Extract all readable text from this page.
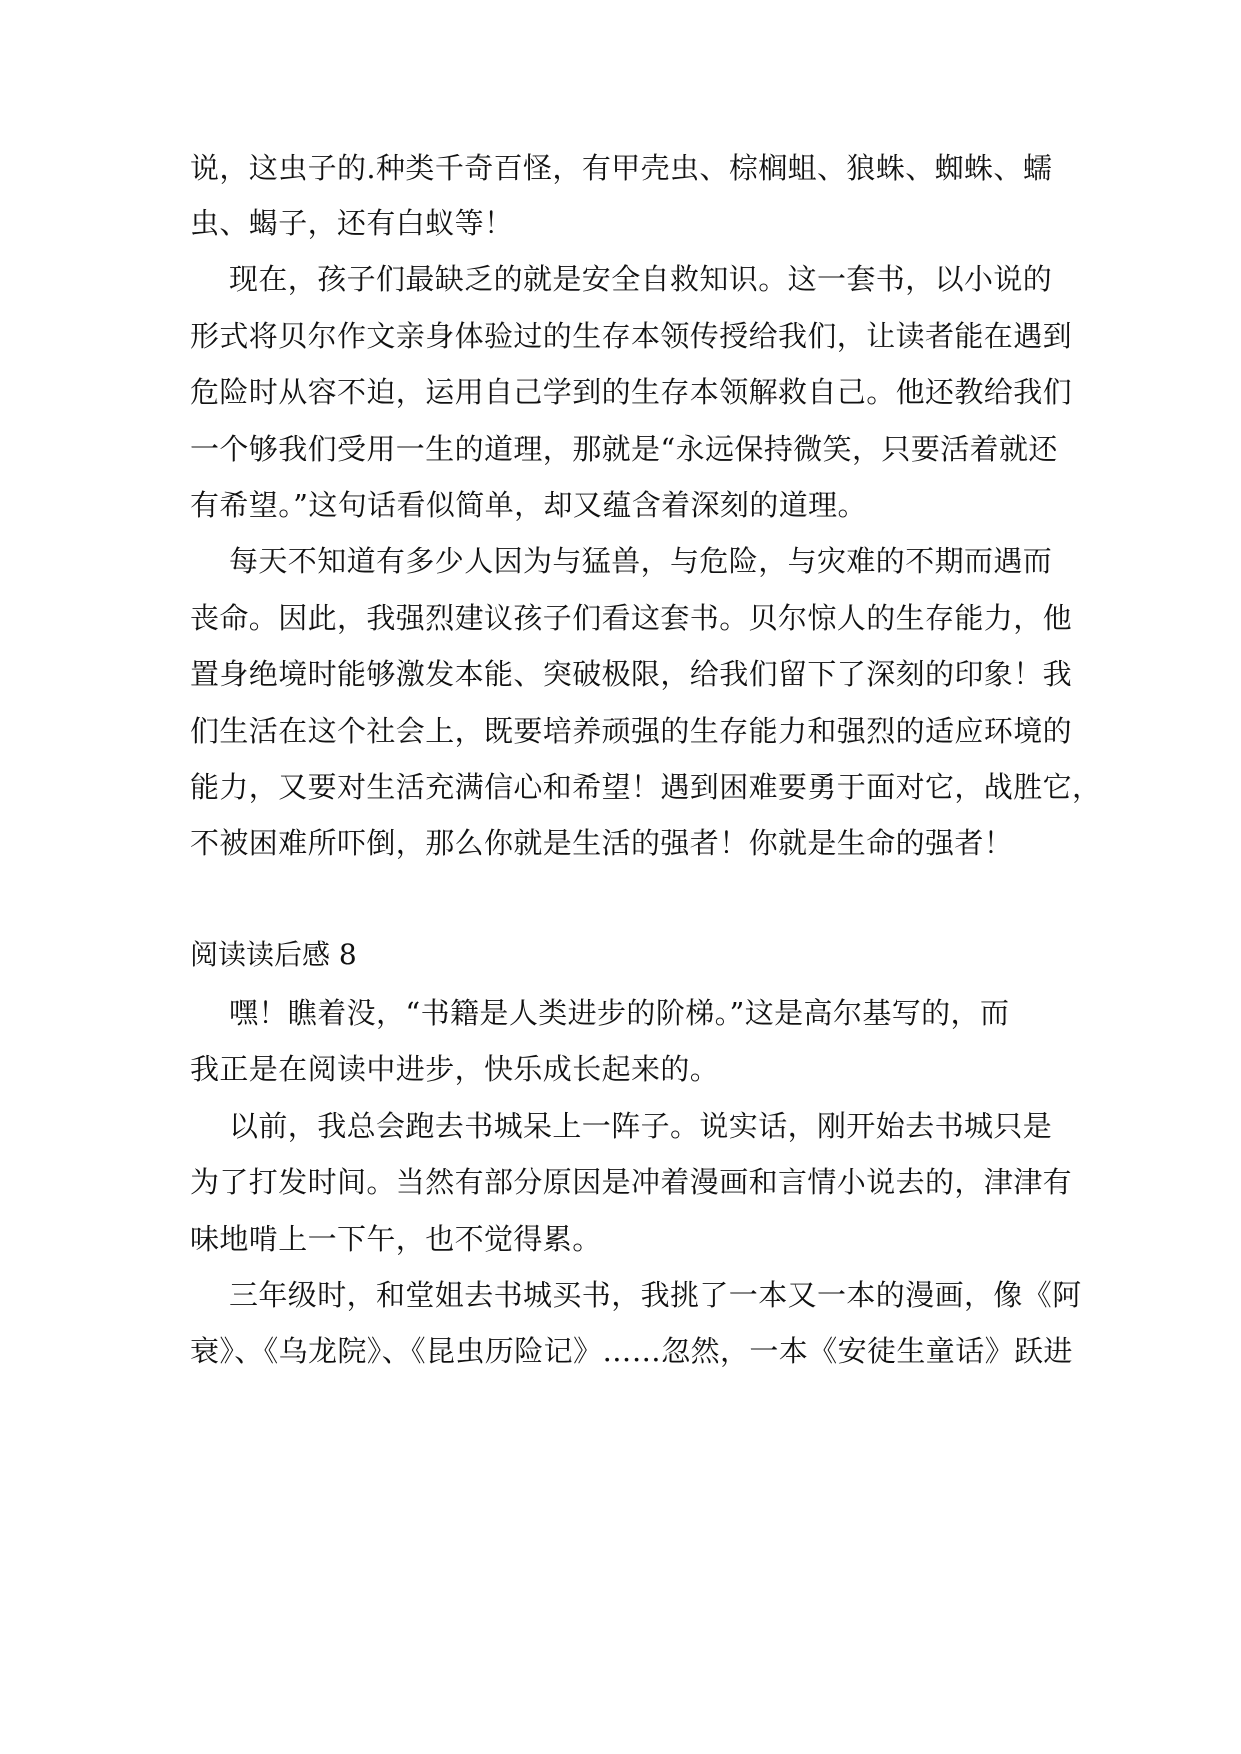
说，这虫子的.种类千奇百怪，有甲壳虫、棕榈蛆、狼蛛、蜘蛛、蠕
虫、蝎子，还有白蚁等！
现在，孩子们最缺乏的就是安全自救知识。这一套书，以小说的
形式将贝尔作文亲身体验过的生存本领传授给我们，让读者能在遇到
危险时从容不迫，运用自己学到的生存本领解救自己。他还教给我们
一个够我们受用一生的道理，那就是“永远保持微笑，只要活着就还
有希望。”这句话看似简单，却又蕴含着深刻的道理。
每天不知道有多少人因为与猛兽，与危险，与灾难的不期而遇而
丧命。因此，我强烈建议孩子们看这套书。贝尔惊人的生存能力，他
置身绝境时能够激发本能、突破极限，给我们留下了深刻的印象！我
们生活在这个社会上，既要培养顽强的生存能力和强烈的适应环境的
能力，又要对生活充满信心和希望！遇到困难要勇于面对它，战胜它，
不被困难所吓倒，那么你就是生活的强者！你就是生命的强者！
阅读读后感 8
嘿！瞧着没，“书籍是人类进步的阶梯。”这是高尔基写的，而
我正是在阅读中进步，快乐成长起来的。
以前，我总会跑去书城呆上一阵子。说实话，刚开始去书城只是
为了打发时间。当然有部分原因是冲着漫画和言情小说去的，津津有
味地啃上一下午，也不觉得累。
三年级时，和堂姐去书城买书，我挑了一本又一本的漫画，像《阿
衰》、《乌龙院》、《昆虫历险记》……忽然，一本《安徒生童话》跃进
